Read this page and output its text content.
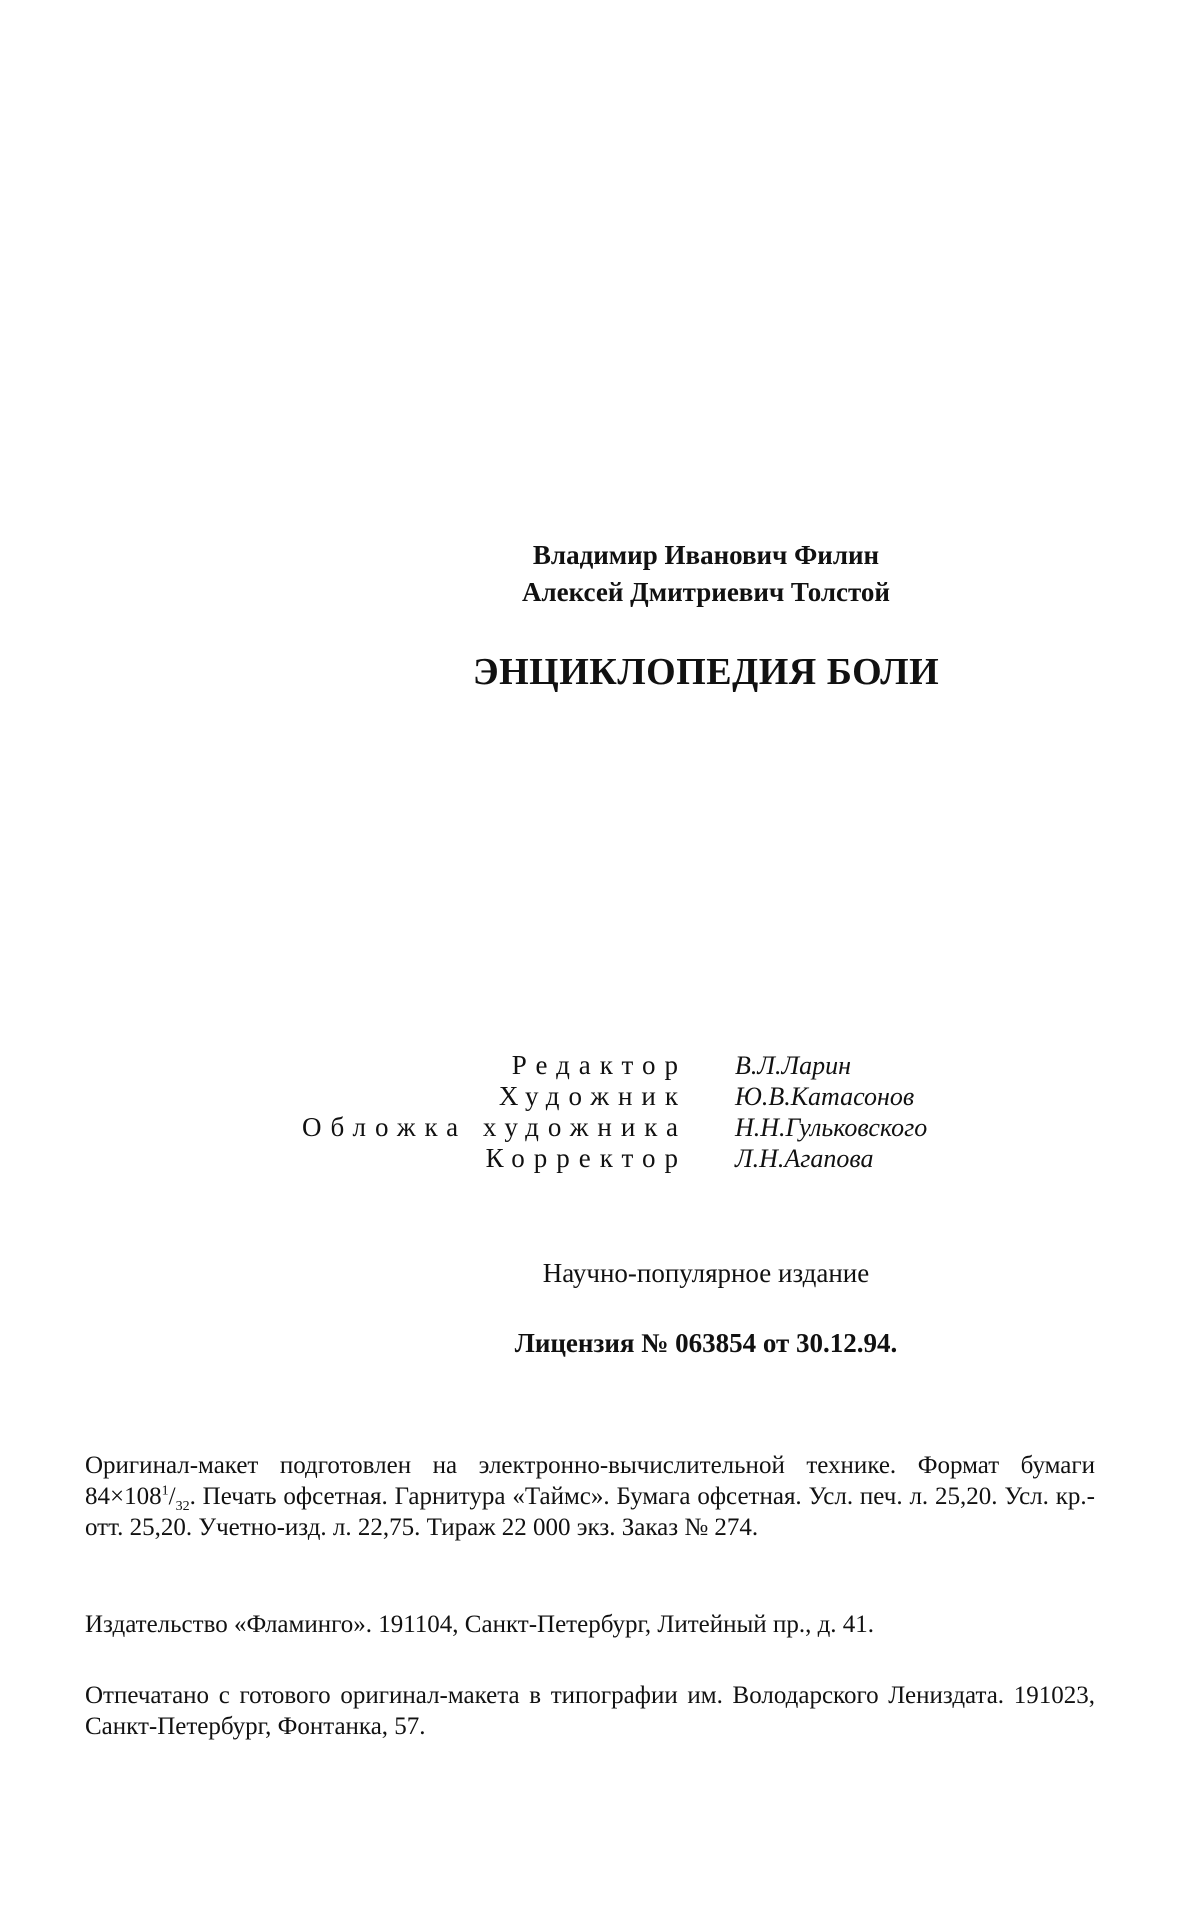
Владимир Иванович Филин
Алексей Дмитриевич Толстой
ЭНЦИКЛОПЕДИЯ БОЛИ
Редактор В.Л.Ларин
Художник Ю.В.Катасонов
Обложка художника Н.Н.Гульковского
Корректор Л.Н.Агапова
Научно-популярное издание
Лицензия № 063854 от 30.12.94.
Оригинал-макет подготовлен на электронно-вычислительной технике. Формат бумаги $84\times 108^1/_{32}$. Печать офсетная. Гарнитура «Таймс». Бумага офсетная. Усл. печ. л. 25,20. Усл. кр.-отт. 25,20. Учетно-изд. л. 22,75. Тираж 22 000 экз. Заказ № 274.
Издательство «Фламинго». 191104, Санкт-Петербург, Литейный пр., д. 41.
Отпечатано с готового оригинал-макета в типографии им. Володарского Лениздата. 191023, Санкт-Петербург, Фонтанка, 57.
